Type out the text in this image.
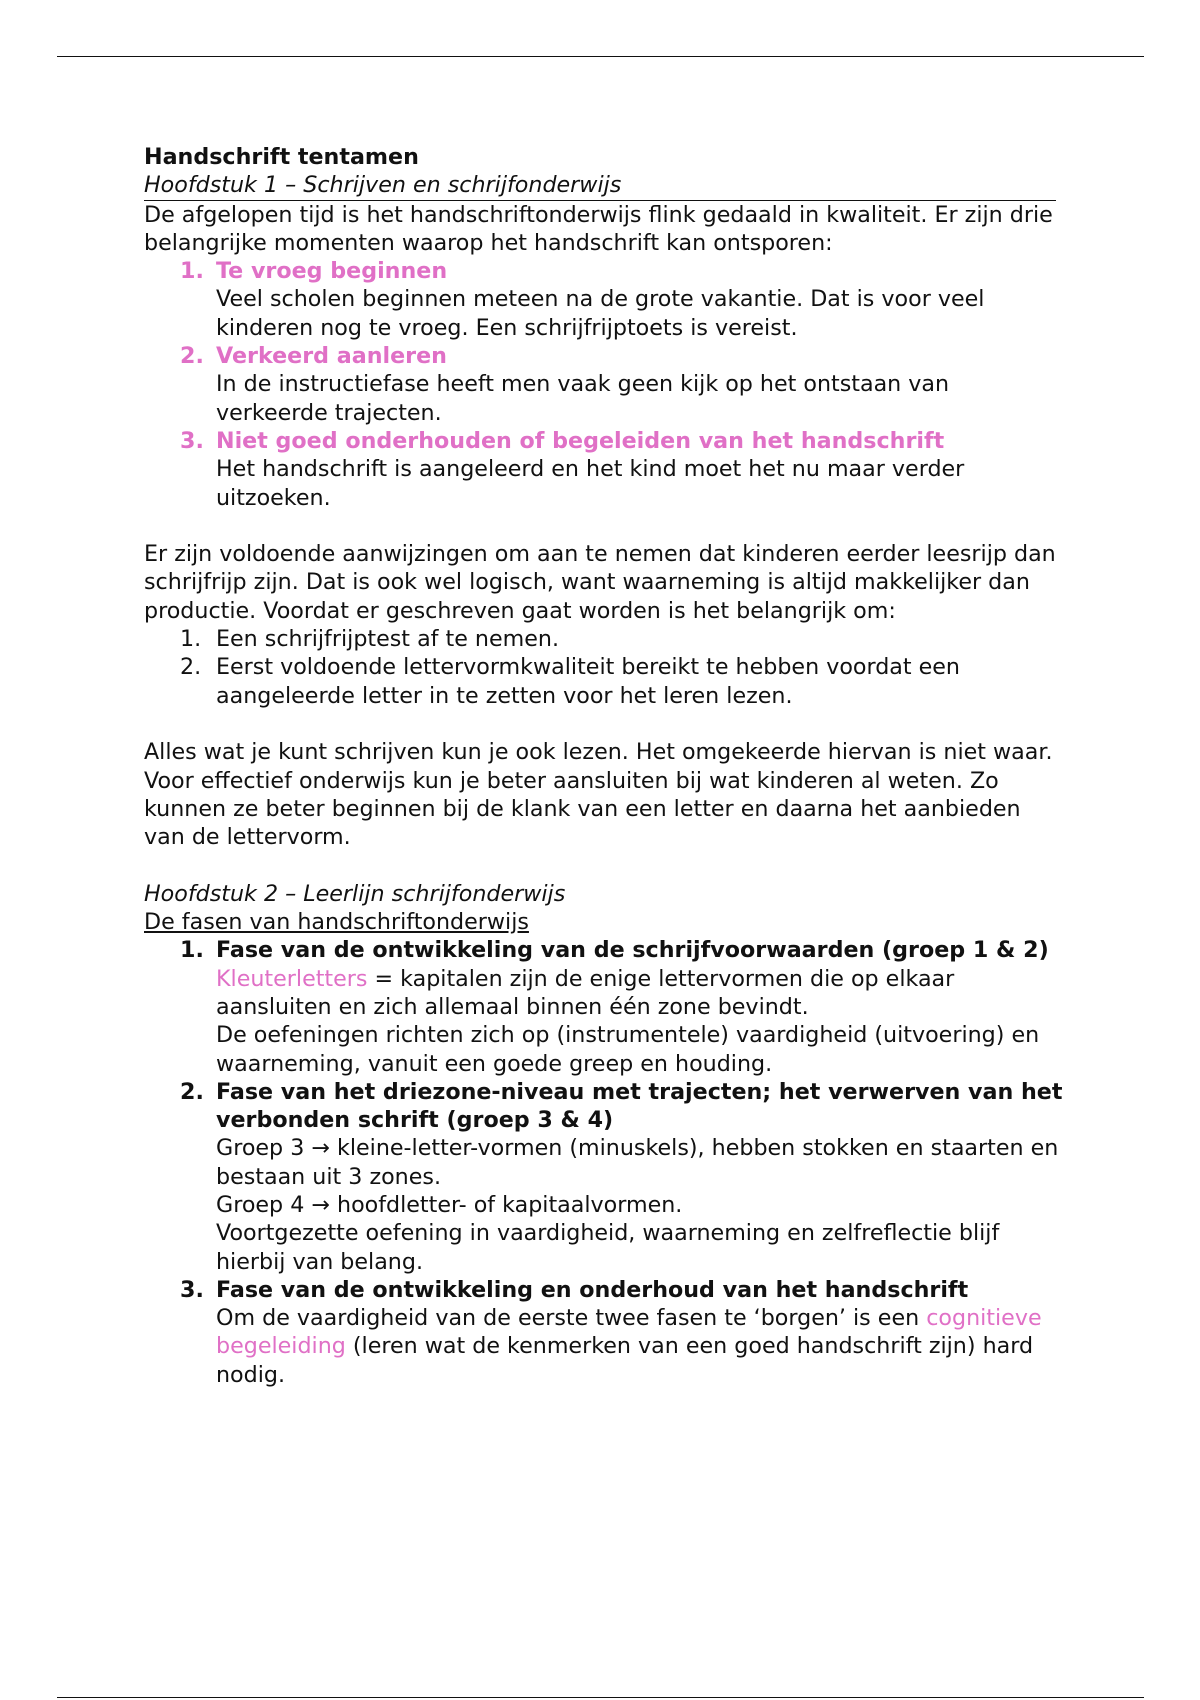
Handschrift tentamen

Hoofdstuk 1 – Schrijven en schrijfonderwijs

De afgelopen tijd is het handschriftonderwijs flink gedaald in kwaliteit. Er zijn drie belangrijke momenten waarop het handschrift kan ontsporen:

1. Te vroeg beginnen
Veel scholen beginnen meteen na de grote vakantie. Dat is voor veel kinderen nog te vroeg. Een schrijfrijptoets is vereist.
2. Verkeerd aanleren
In de instructiefase heeft men vaak geen kijk op het ontstaan van verkeerde trajecten.
3. Niet goed onderhouden of begeleiden van het handschrift
Het handschrift is aangeleerd en het kind moet het nu maar verder uitzoeken.

Er zijn voldoende aanwijzingen om aan te nemen dat kinderen eerder leesrijp dan schrijfrijp zijn. Dat is ook wel logisch, want waarneming is altijd makkelijker dan productie. Voordat er geschreven gaat worden is het belangrijk om:

1. Een schrijfrijptest af te nemen.
2. Eerst voldoende lettervormkwaliteit bereikt te hebben voordat een aangeleerde letter in te zetten voor het leren lezen.

Alles wat je kunt schrijven kun je ook lezen. Het omgekeerde hiervan is niet waar.

Voor effectief onderwijs kun je beter aansluiten bij wat kinderen al weten. Zo kunnen ze beter beginnen bij de klank van een letter en daarna het aanbieden van de lettervorm.

Hoofdstuk 2 – Leerlijn schrijfonderwijs

De fasen van handschriftonderwijs

1. Fase van de ontwikkeling van de schrijfvoorwaarden (groep 1 & 2)
Kleuterletters = kapitalen zijn de enige lettervormen die op elkaar aansluiten en zich allemaal binnen één zone bevindt.
De oefeningen richten zich op (instrumentele) vaardigheid (uitvoering) en waarneming, vanuit een goede greep en houding.
2. Fase van het driezone-niveau met trajecten; het verwerven van het verbonden schrift (groep 3 & 4)
Groep 3 → kleine-letter-vormen (minuskels), hebben stokken en staarten en bestaan uit 3 zones.
Groep 4 → hoofdletter- of kapitaalvormen.
Voortgezette oefening in vaardigheid, waarneming en zelfreflectie blijf hierbij van belang.
3. Fase van de ontwikkeling en onderhoud van het handschrift
Om de vaardigheid van de eerste twee fasen te ‘borgen’ is een cognitieve begeleiding (leren wat de kenmerken van een goed handschrift zijn) hard nodig.
